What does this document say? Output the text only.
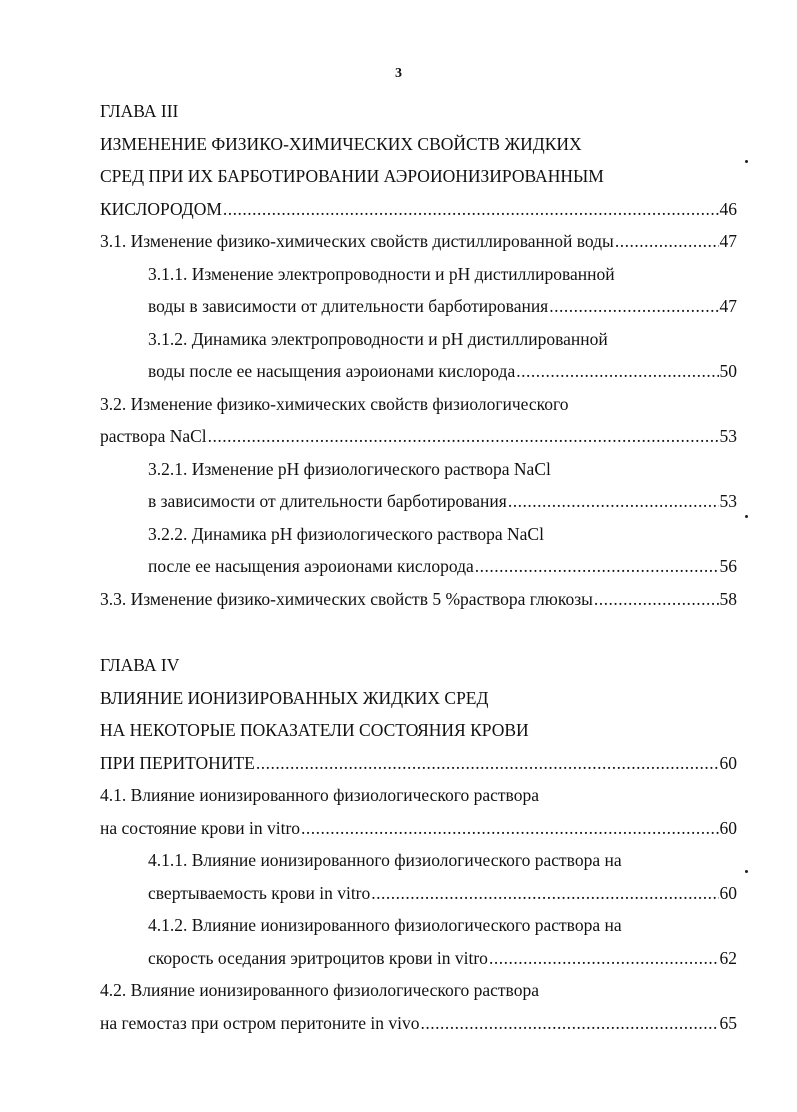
3
ГЛАВА III
ИЗМЕНЕНИЕ ФИЗИКО-ХИМИЧЕСКИХ СВОЙСТВ ЖИДКИХ
СРЕД ПРИ ИХ БАРБОТИРОВАНИИ АЭРОИОНИЗИРОВАННЫМ
КИСЛОРОДОМ .....	46
3.1. Изменение физико-химических свойств дистиллированной воды .....	47
3.1.1. Изменение электропроводности и pH дистиллированной
воды в зависимости от длительности барботирования .....	47
3.1.2. Динамика электропроводности и pH дистиллированной
воды после ее насыщения аэроионами кислорода .....	50
3.2. Изменение физико-химических свойств физиологического
раствора NaCl .....	53
3.2.1. Изменение pH физиологического раствора NaCl
в зависимости от длительности барботирования .....	53
3.2.2. Динамика pH физиологического раствора NaCl
после ее насыщения аэроионами кислорода .....	56
3.3. Изменение физико-химических свойств 5 %раствора глюкозы .....	58
ГЛАВА IV
ВЛИЯНИЕ ИОНИЗИРОВАННЫХ ЖИДКИХ СРЕД
НА НЕКОТОРЫЕ ПОКАЗАТЕЛИ СОСТОЯНИЯ КРОВИ
ПРИ ПЕРИТОНИТЕ .....	60
4.1. Влияние ионизированного физиологического раствора
на состояние крови in vitro .....	60
4.1.1. Влияние ионизированного физиологического раствора на
свертываемость крови in vitro .....	60
4.1.2. Влияние ионизированного физиологического раствора на
скорость оседания эритроцитов крови in vitro .....	62
4.2. Влияние ионизированного физиологического раствора
на гемостаз при остром перитоните in vivo .....	65
